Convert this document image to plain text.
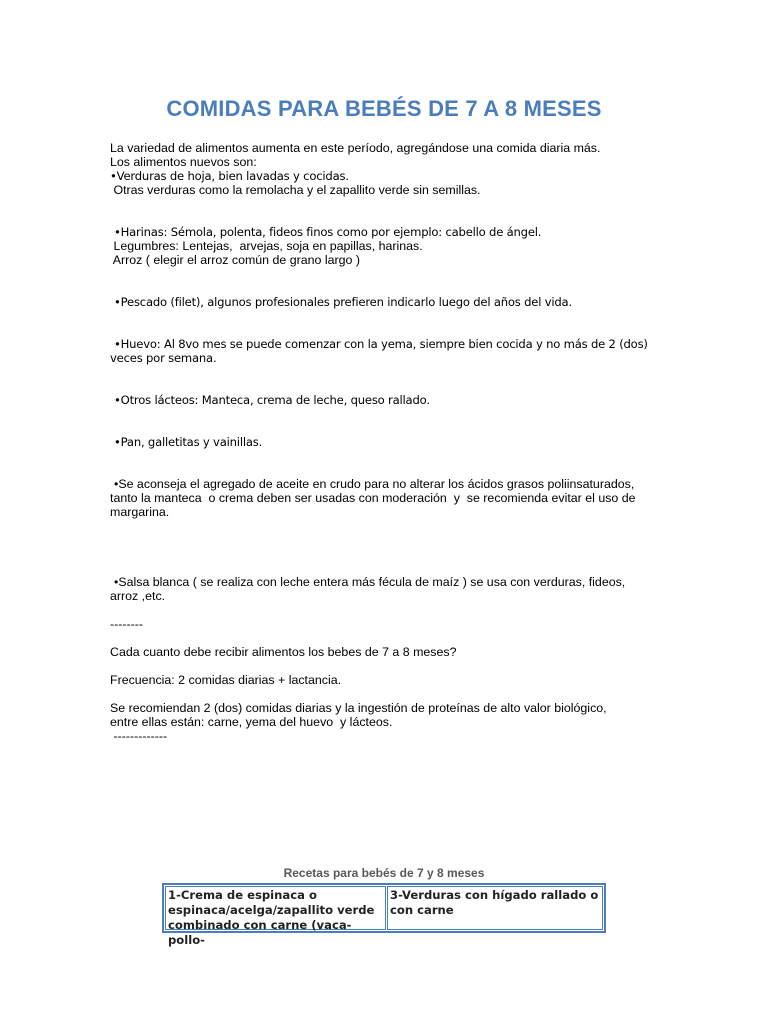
COMIDAS PARA BEBÉS DE 7 A 8 MESES

La variedad de alimentos aumenta en este período, agregándose una comida diaria más.

Los alimentos nuevos son:

•Verduras de hoja, bien lavadas y cocidas.

Otras verduras como la remolacha y el zapallito verde sin semillas.

•Harinas: Sémola, polenta, fideos finos como por ejemplo: cabello de ángel.

Legumbres: Lentejas,  arvejas, soja en papillas, harinas.

Arroz ( elegir el arroz común de grano largo )

•Pescado (filet), algunos profesionales prefieren indicarlo luego del años del vida.

•Huevo: Al 8vo mes se puede comenzar con la yema, siempre bien cocida y no más de 2 (dos)

veces por semana.

•Otros lácteos: Manteca, crema de leche, queso rallado.

•Pan, galletitas y vainillas.

•Se aconseja el agregado de aceite en crudo para no alterar los ácidos grasos poliinsaturados,

tanto la manteca  o crema deben ser usadas con moderación  y  se recomienda evitar el uso de

margarina.

•Salsa blanca ( se realiza con leche entera más fécula de maíz ) se usa con verduras, fideos,

arroz ,etc.

--------

Cada cuanto debe recibir alimentos los bebes de 7 a 8 meses?

Frecuencia: 2 comidas diarias + lactancia.

Se recomiendan 2 (dos) comidas diarias y la ingestión de proteínas de alto valor biológico,

entre ellas están: carne, yema del huevo  y lácteos.

-------------

Recetas para bebés de 7 y 8 meses
1-Crema de espinaca o espinaca/acelga/zapallito verde combinado con carne (vaca-pollo-
3-Verduras con hígado rallado o con carne
